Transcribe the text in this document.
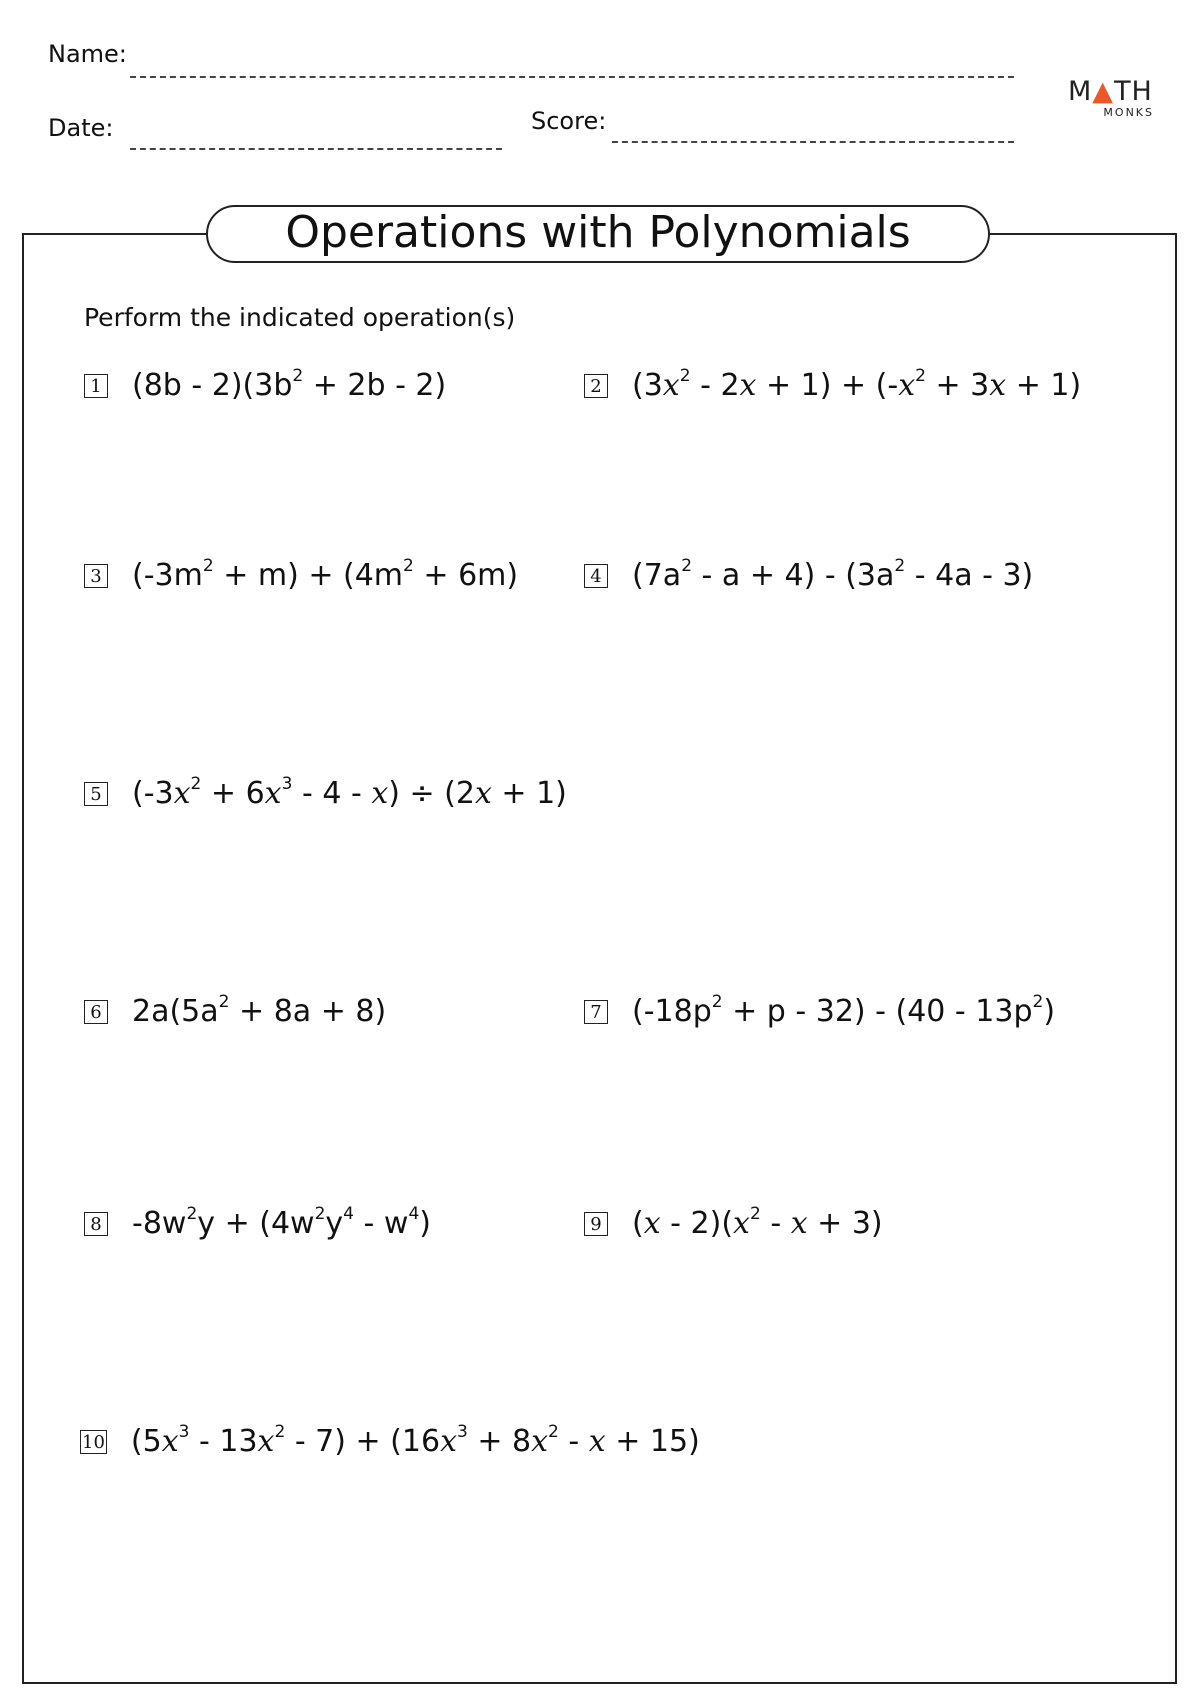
Name:
Date:	Score:
M▲TH
MONKS
Operations with Polynomials
Perform the indicated operation(s)
1 $(8b - 2)(3b^2 + 2b - 2)$	2 $(3x^2 - 2x + 1) + (-x^2 + 3x + 1)$
3 $(-3m^2 + m) + (4m^2 + 6m)$	4 $(7a^2 - a + 4) - (3a^2 - 4a - 3)$
5 $(-3x^2 + 6x^3 - 4 - x) \div (2x + 1)$
6 $2a(5a^2 + 8a + 8)$	7 $(-18p^2 + p - 32) - (40 - 13p^2)$
8 $-8w^2y + (4w^2y^4 - w^4)$	9 $(x - 2)(x^2 - x + 3)$
10 $(5x^3 - 13x^2 - 7) + (16x^3 + 8x^2 - x + 15)$
